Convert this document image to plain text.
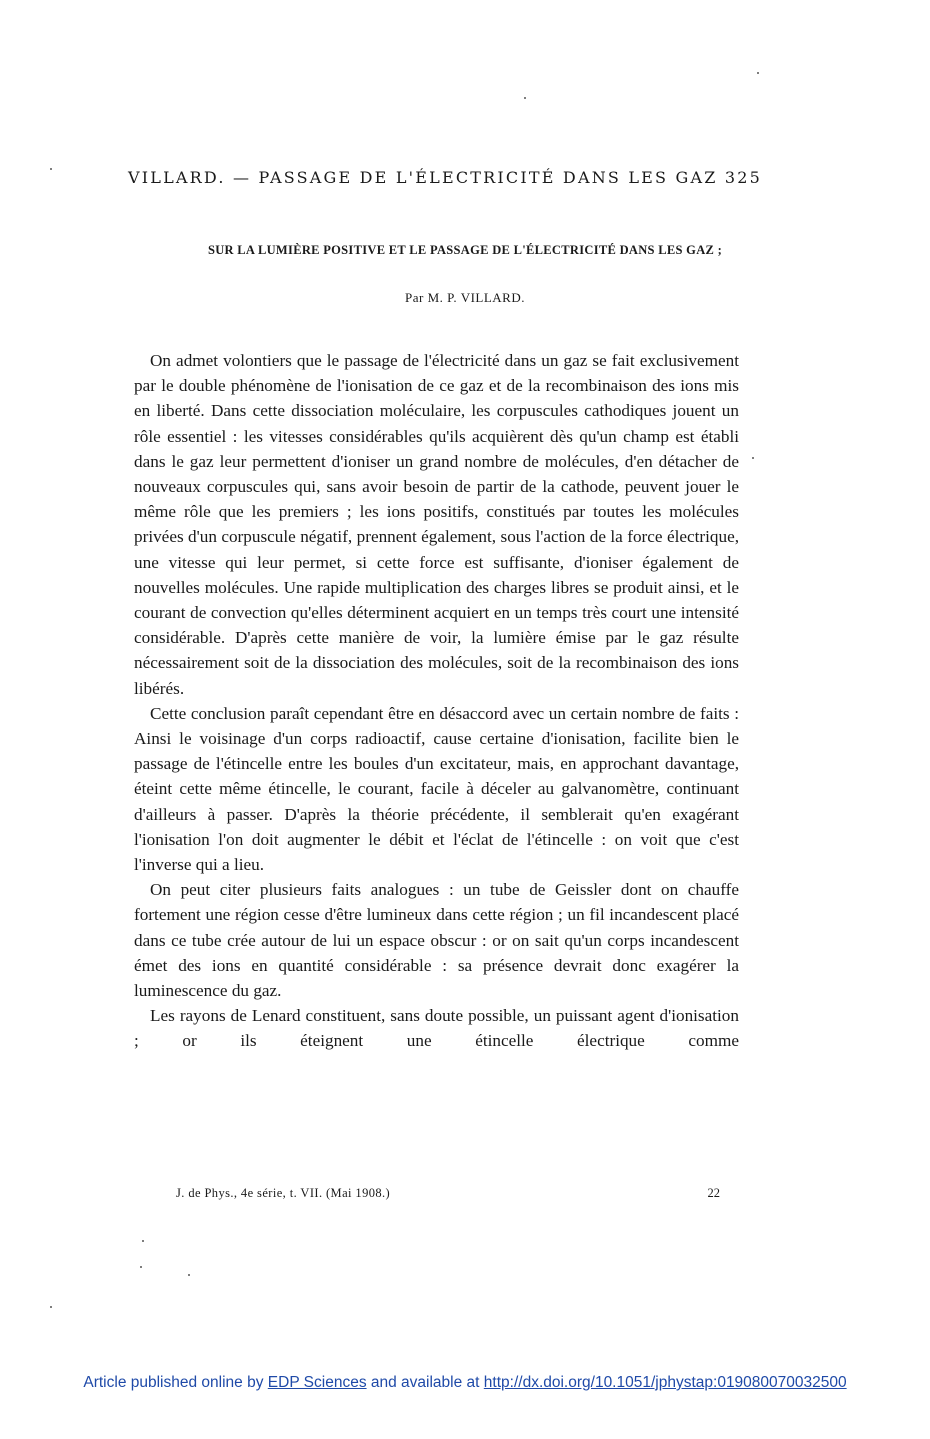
VILLARD. — PASSAGE DE L'ÉLECTRICITÉ DANS LES GAZ 325
SUR LA LUMIÈRE POSITIVE ET LE PASSAGE DE L'ÉLECTRICITÉ DANS LES GAZ ;
Par M. P. VILLARD.

On admet volontiers que le passage de l'électricité dans un gaz se fait exclusivement par le double phénomène de l'ionisation de ce gaz et de la recombinaison des ions mis en liberté. Dans cette dissociation moléculaire, les corpuscules cathodiques jouent un rôle essentiel : les vitesses considérables qu'ils acquièrent dès qu'un champ est établi dans le gaz leur permettent d'ioniser un grand nombre de molécules, d'en détacher de nouveaux corpuscules qui, sans avoir besoin de partir de la cathode, peuvent jouer le même rôle que les premiers ; les ions positifs, constitués par toutes les molécules privées d'un corpuscule négatif, prennent également, sous l'action de la force électrique, une vitesse qui leur permet, si cette force est suffisante, d'ioniser également de nouvelles molécules. Une rapide multiplication des charges libres se produit ainsi, et le courant de convection qu'elles déterminent acquiert en un temps très court une intensité considérable. D'après cette manière de voir, la lumière émise par le gaz résulte nécessairement soit de la dissociation des molécules, soit de la recombinaison des ions libérés.

Cette conclusion paraît cependant être en désaccord avec un certain nombre de faits : Ainsi le voisinage d'un corps radioactif, cause certaine d'ionisation, facilite bien le passage de l'étincelle entre les boules d'un excitateur, mais, en approchant davantage, éteint cette même étincelle, le courant, facile à déceler au galvanomètre, continuant d'ailleurs à passer. D'après la théorie précédente, il semblerait qu'en exagérant l'ionisation l'on doit augmenter le débit et l'éclat de l'étincelle : on voit que c'est l'inverse qui a lieu.

On peut citer plusieurs faits analogues : un tube de Geissler dont on chauffe fortement une région cesse d'être lumineux dans cette région ; un fil incandescent placé dans ce tube crée autour de lui un espace obscur : or on sait qu'un corps incandescent émet des ions en quantité considérable : sa présence devrait donc exagérer la luminescence du gaz.

Les rayons de Lenard constituent, sans doute possible, un puissant agent d'ionisation ; or ils éteignent une étincelle électrique comme

J. de Phys., 4e série, t. VII. (Mai 1908.)	22
Article published online by EDP Sciences and available at http://dx.doi.org/10.1051/jphystap:019080070032500
